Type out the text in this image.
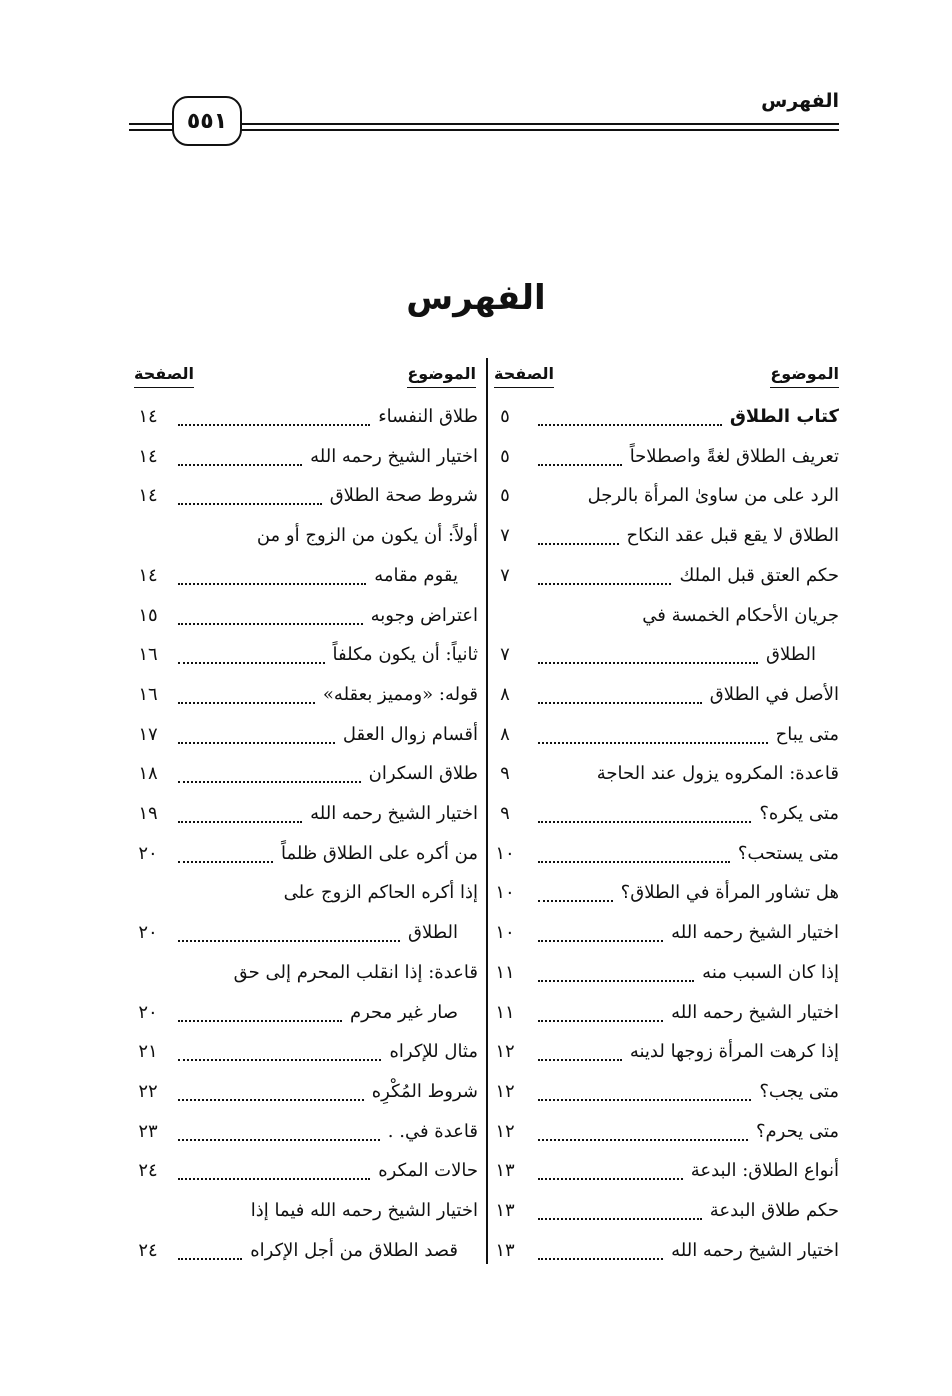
الفهرس
٥٥١
الفهرس
الموضوع
الصفحة
الموضوع
الصفحة
كتاب الطلاق
٥
تعريف الطلاق لغةً واصطلاحاً
٥
الرد على من ساوىٰ المرأة بالرجل
٥
الطلاق لا يقع قبل عقد النكاح
٧
حكم العتق قبل الملك
٧
جريان الأحكام الخمسة في
الطلاق
٧
الأصل في الطلاق
٨
متى يباح
٨
قاعدة: المكروه يزول عند الحاجة
٩
متى يكره؟
٩
متى يستحب؟
١٠
هل تشاور المرأة في الطلاق؟
١٠
اختيار الشيخ رحمه الله
١٠
إذا كان السبب منه
١١
اختيار الشيخ رحمه الله
١١
إذا كرهت المرأة زوجها لدينه
١٢
متى يجب؟
١٢
متى يحرم؟
١٢
أنواع الطلاق: البدعة
١٣
حكم طلاق البدعة
١٣
اختيار الشيخ رحمه الله
١٣
طلاق النفساء
١٤
اختيار الشيخ رحمه الله
١٤
شروط صحة الطلاق
١٤
أولاً: أن يكون من الزوج أو من
يقوم مقامه
١٤
اعتراض وجوبه
١٥
ثانياً: أن يكون مكلفاً
١٦
قوله: «ومميز بعقله»
١٦
أقسام زوال العقل
١٧
طلاق السكران
١٨
اختيار الشيخ رحمه الله
١٩
من أكره على الطلاق ظلماً
٢٠
إذا أكره الحاكم الزوج على
الطلاق
٢٠
قاعدة: إذا انقلب المحرم إلى حق
صار غير محرم
٢٠
مثال للإكراه
٢١
شروط المُكْرِه
٢٢
قاعدة في. .
٢٣
حالات المكره
٢٤
اختيار الشيخ رحمه الله فيما إذا
قصد الطلاق من أجل الإكراه
٢٤
